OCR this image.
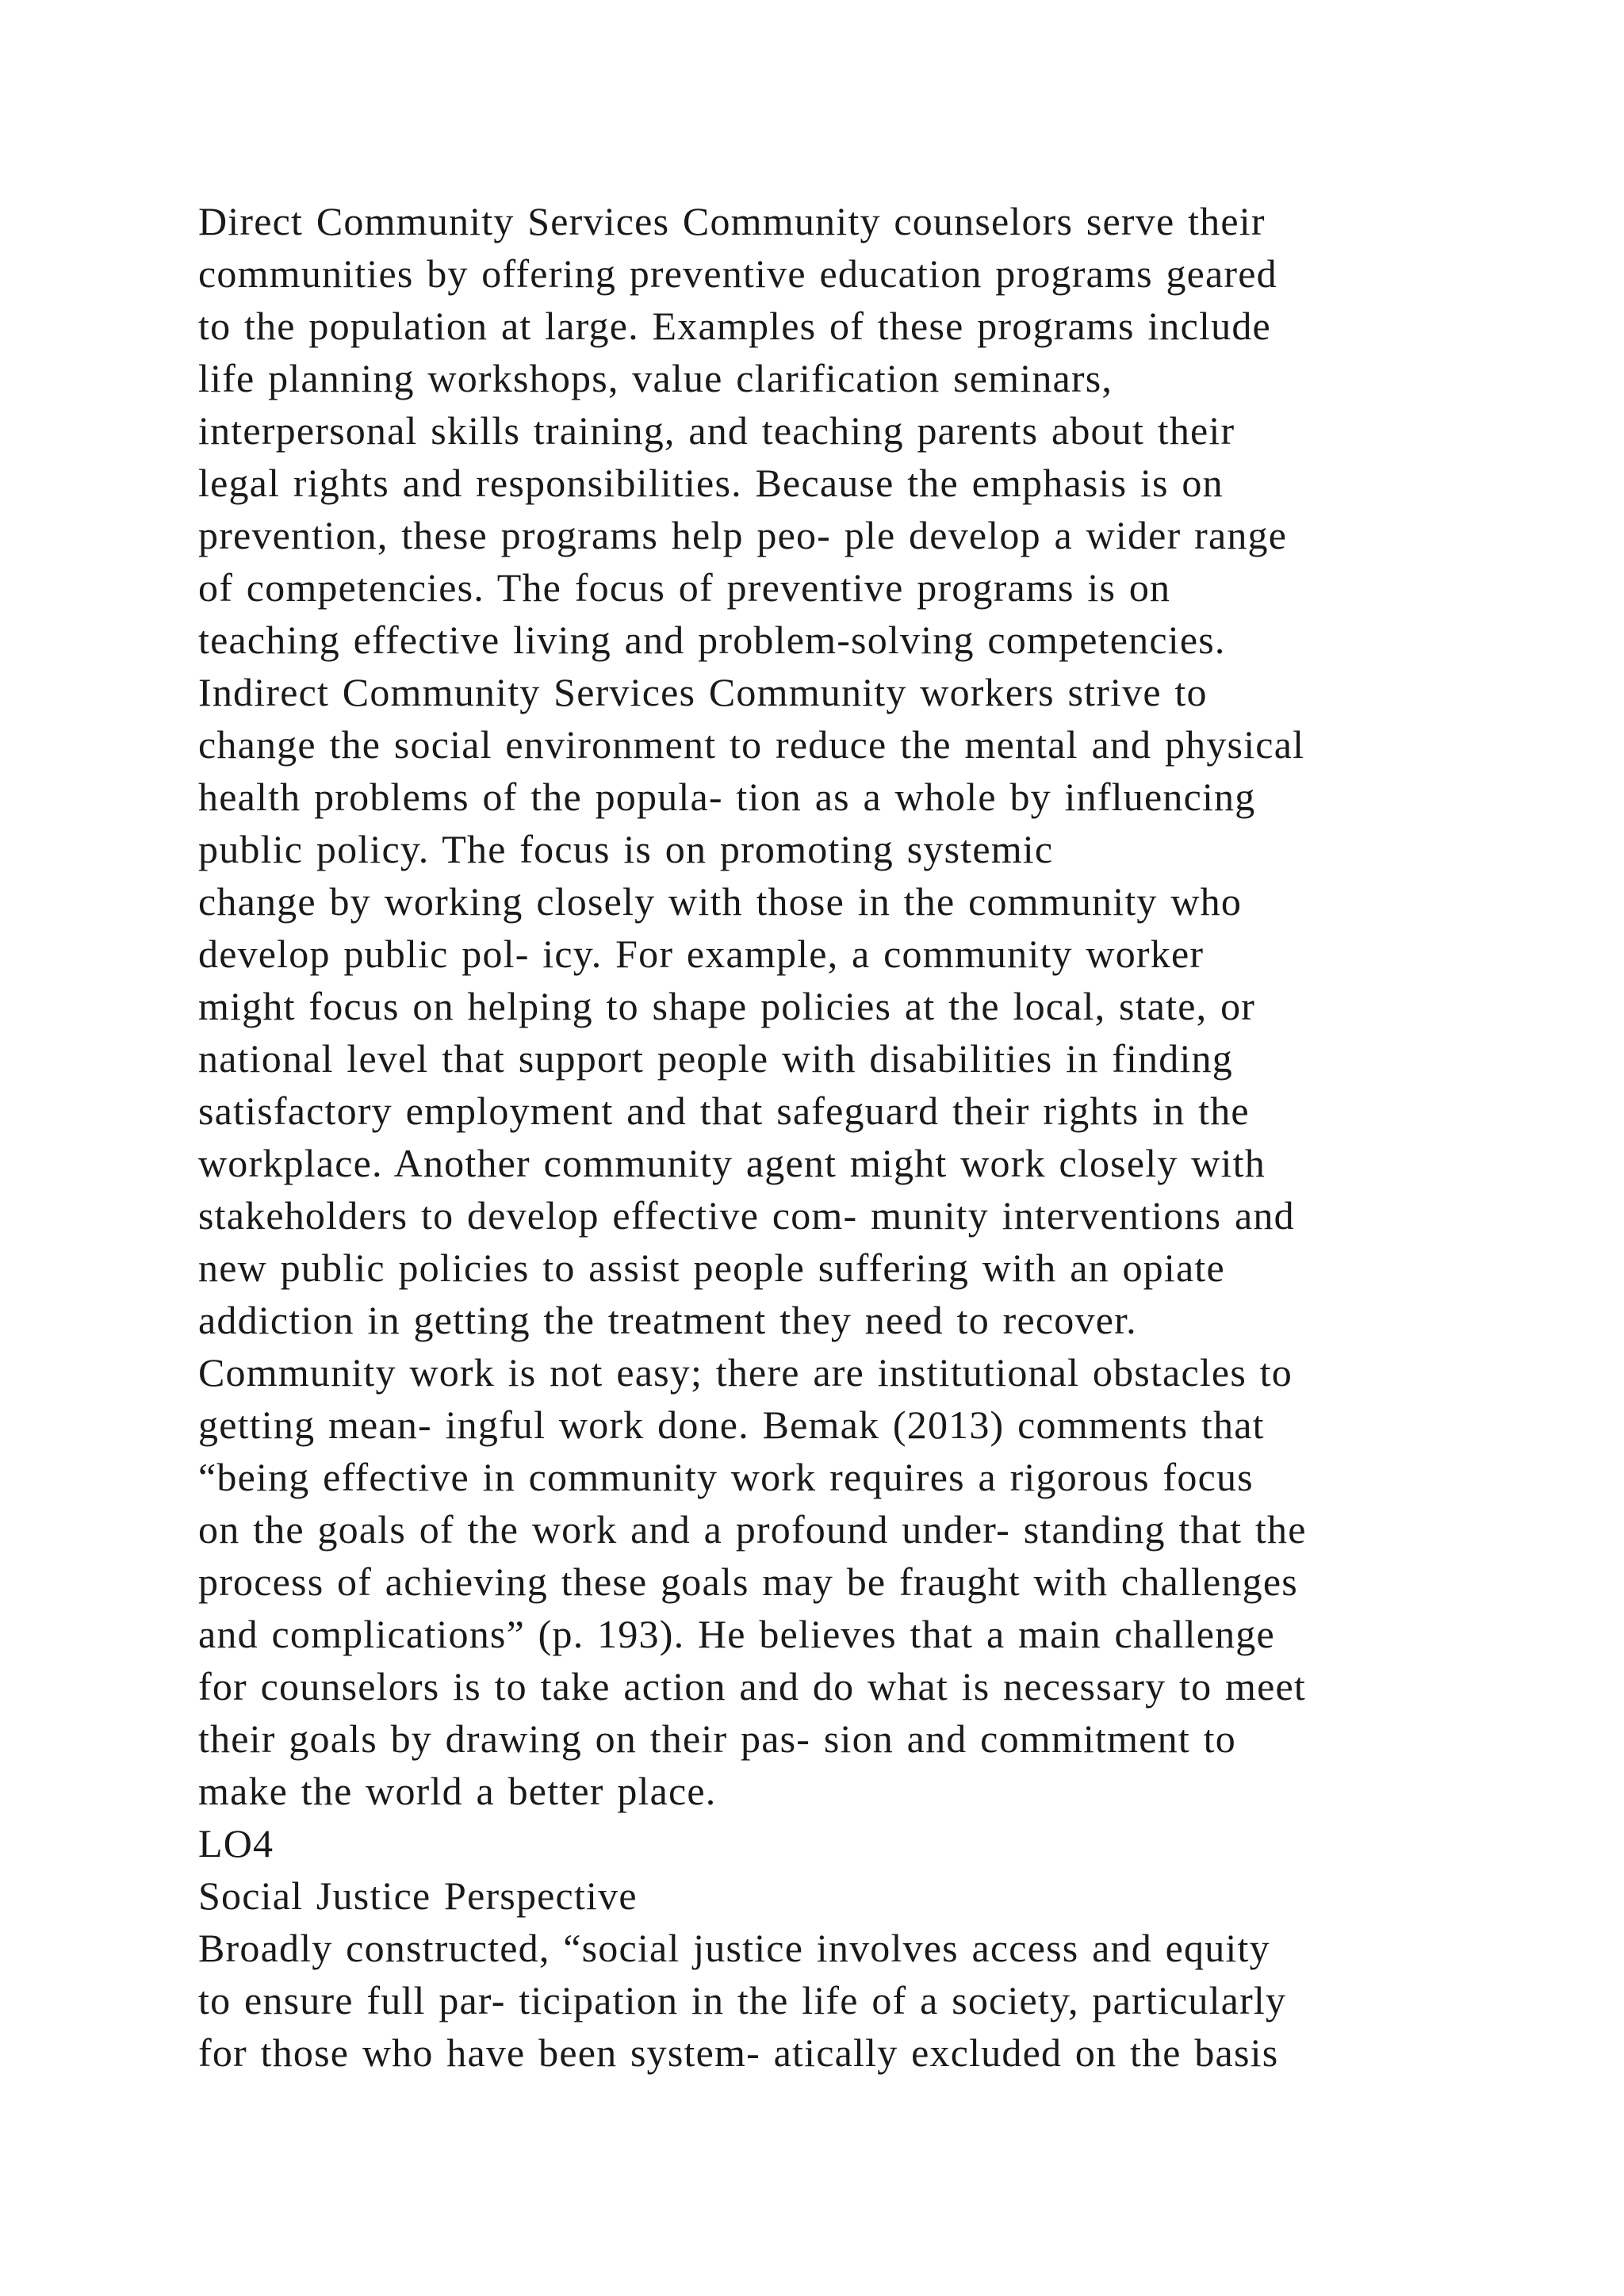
Direct Community Services Community counselors serve their
communities by offering preventive education programs geared
to the population at large. Examples of these programs include
life planning workshops, value clarification seminars,
interpersonal skills training, and teaching parents about their
legal rights and responsibilities. Because the emphasis is on
prevention, these programs help peo- ple develop a wider range
of competencies. The focus of preventive programs is on
teaching effective living and problem-solving competencies.
Indirect Community Services Community workers strive to
change the social environment to reduce the mental and physical
health problems of the popula- tion as a whole by influencing
public policy. The focus is on promoting systemic
change by working closely with those in the community who
develop public pol- icy. For example, a community worker
might focus on helping to shape policies at the local, state, or
national level that support people with disabilities in finding
satisfactory employment and that safeguard their rights in the
workplace. Another community agent might work closely with
stakeholders to develop effective com- munity interventions and
new public policies to assist people suffering with an opiate
addiction in getting the treatment they need to recover.
Community work is not easy; there are institutional obstacles to
getting mean- ingful work done. Bemak (2013) comments that
“being effective in community work requires a rigorous focus
on the goals of the work and a profound under- standing that the
process of achieving these goals may be fraught with challenges
and complications” (p. 193). He believes that a main challenge
for counselors is to take action and do what is necessary to meet
their goals by drawing on their pas- sion and commitment to
make the world a better place.
LO4
Social Justice Perspective
Broadly constructed, “social justice involves access and equity
to ensure full par- ticipation in the life of a society, particularly
for those who have been system- atically excluded on the basis
